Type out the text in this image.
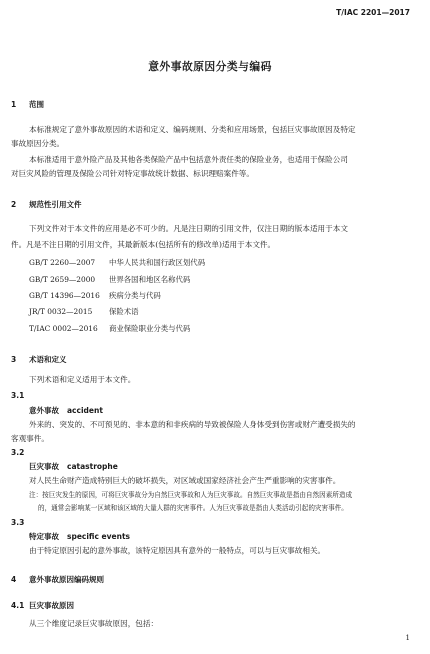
T/IAC 2201—2017
意外事故原因分类与编码
1 范围
本标准规定了意外事故原因的术语和定义、编码规则、分类和应用场景，包括巨灾事故原因及特定
事故原因分类。
本标准适用于意外险产品及其他各类保险产品中包括意外责任类的保险业务，也适用于保险公司
对巨灾风险的管理及保险公司针对特定事故统计数据、标识理赔案件等。
2 规范性引用文件
下列文件对于本文件的应用是必不可少的。凡是注日期的引用文件，仅注日期的版本适用于本文
件。凡是不注日期的引用文件，其最新版本(包括所有的修改单)适用于本文件。
GB/T 2260—2007 中华人民共和国行政区划代码
GB/T 2659—2000 世界各国和地区名称代码
GB/T 14396—2016 疾病分类与代码
JR/T 0032—2015 保险术语
T/IAC 0002—2016 商业保险职业分类与代码
3 术语和定义
下列术语和定义适用于本文件。
3.1
意外事故 accident
外来的、突发的、不可预见的、非本意的和非疾病的导致被保险人身体受到伤害或财产遭受损失的
客观事件。
3.2
巨灾事故 catastrophe
对人民生命财产造成特别巨大的破坏损失，对区域或国家经济社会产生严重影响的灾害事件。
注：按巨灾发生的原因，可将巨灾事故分为自然巨灾事故和人为巨灾事故。自然巨灾事故是指由自然因素所造成
的，通常会影响某一区域和该区域的大量人群的灾害事件。人为巨灾事故是指由人类活动引起的灾害事件。
3.3
特定事故 specific events
由于特定原因引起的意外事故，该特定原因具有意外的一般特点，可以与巨灾事故相关。
4 意外事故原因编码规则
4.1 巨灾事故原因
从三个维度记录巨灾事故原因，包括：
1
